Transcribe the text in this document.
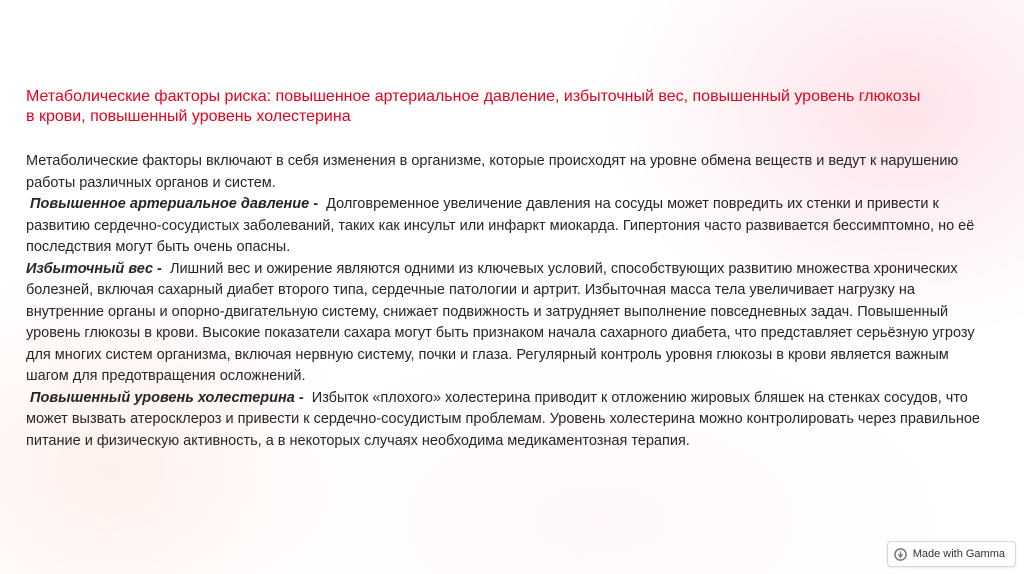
Метаболические факторы риска: повышенное артериальное давление, избыточный вес, повышенный уровень глюкозы в крови, повышенный уровень холестерина

Метаболические факторы включают в себя изменения в организме, которые происходят на уровне обмена веществ и ведут к нарушению работы различных органов и систем.

Повышенное артериальное давление - Долговременное увеличение давления на сосуды может повредить их стенки и привести к развитию сердечно-сосудистых заболеваний, таких как инсульт или инфаркт миокарда. Гипертония часто развивается бессимптомно, но её последствия могут быть очень опасны.

Избыточный вес - Лишний вес и ожирение являются одними из ключевых условий, способствующих развитию множества хронических болезней, включая сахарный диабет второго типа, сердечные патологии и артрит. Избыточная масса тела увеличивает нагрузку на внутренние органы и опорно-двигательную систему, снижает подвижность и затрудняет выполнение повседневных задач. Повышенный уровень глюкозы в крови. Высокие показатели сахара могут быть признаком начала сахарного диабета, что представляет серьёзную угрозу для многих систем организма, включая нервную систему, почки и глаза. Регулярный контроль уровня глюкозы в крови является важным шагом для предотвращения осложнений.

Повышенный уровень холестерина - Избыток «плохого» холестерина приводит к отложению жировых бляшек на стенках сосудов, что может вызвать атеросклероз и привести к сердечно-сосудистым проблемам. Уровень холестерина можно контролировать через правильное питание и физическую активность, а в некоторых случаях необходима медикаментозная терапия.

Made with Gamma
